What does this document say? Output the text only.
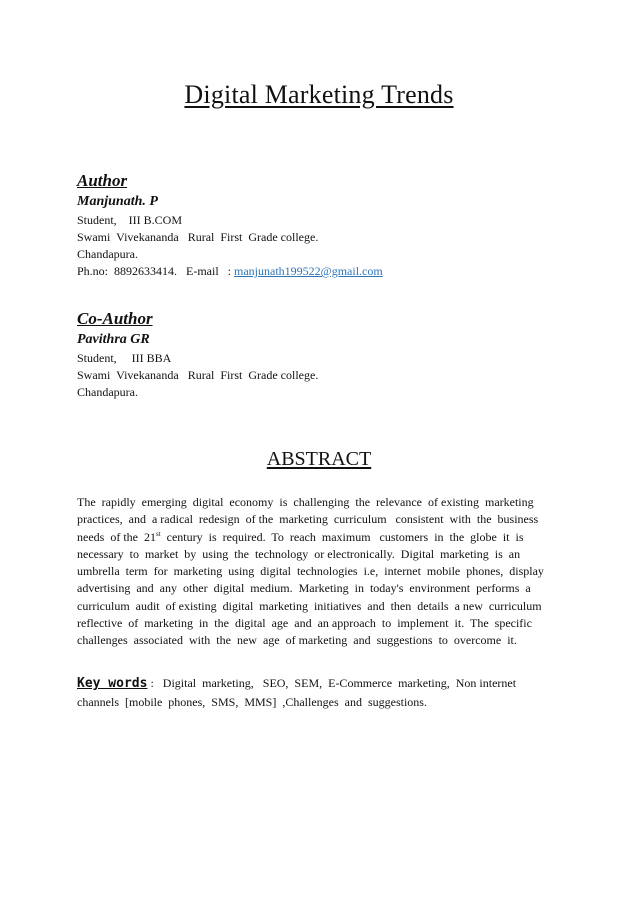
Digital Marketing Trends
Author
Manjunath. P
Student,    III B.COM
Swami  Vivekananda   Rural  First  Grade college.
Chandapura.
Ph.no:  8892633414.   E-mail   : manjunath199522@gmail.com
Co-Author
Pavithra GR
Student,     III BBA
Swami  Vivekananda   Rural  First  Grade college.
Chandapura.
ABSTRACT
The  rapidly  emerging  digital  economy  is  challenging  the  relevance  of existing  marketing
practices,  and  a radical  redesign  of the  marketing  curriculum   consistent  with  the  business
needs  of the  21st  century  is  required.  To  reach  maximum   customers  in  the  globe  it  is
necessary  to  market  by  using  the  technology  or electronically.  Digital  marketing  is  an
umbrella  term  for  marketing  using  digital  technologies  i.e,  internet  mobile  phones,  display
advertising  and  any  other  digital  medium.  Marketing  in  today's  environment  performs  a
curriculum  audit  of existing  digital  marketing  initiatives  and  then  details  a new  curriculum
reflective  of  marketing  in  the  digital  age  and  an approach  to  implement  it.  The  specific
challenges  associated  with  the  new  age  of marketing  and  suggestions  to  overcome  it.
Key words :   Digital  marketing,   SEO,  SEM,  E-Commerce  marketing,  Non internet
channels  [mobile  phones,  SMS,  MMS]  ,Challenges  and  suggestions.
